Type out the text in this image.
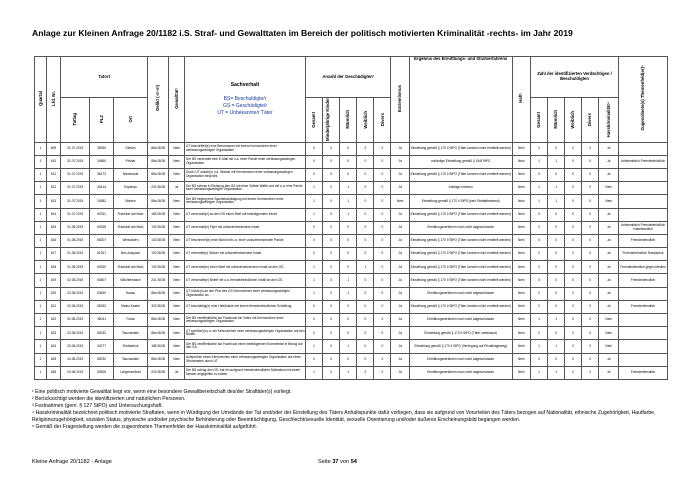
Anlage zur Kleinen Anfrage 20/1182 i.S. Straf- und Gewalttaten im Bereich der politisch motivierten Kriminalität -rechts- im Jahr 2019
Quartal	Lfd. Nr.	Tatort			Delikt (§§)	Gewalttat¹	Sachverhalt

BS= Beschuldigte/r
GS = Geschädigte/r
UT = Unbekannte/r Täter	Anzahl der Geschädigten²					Extremismus	Ergebnis des Ermittlungs- und Strafverfahrens	Haft³	Zahl der identifizierten Verdächtigen / Beschuldigten					Zugeordnete(s) Themenfeld(er)⁵
		Tattag	PLZ	Ort				Gesamt	Minderjährige Kinder	Männlich	Weiblich	Divers				Gesamt	Männlich	Weiblich	Divers	Hasskriminalität⁴	
1	609	31.07.2019	35390	Gießen	86a StGB	Nein	UT beschriftet(e) eine Betonmauer mit einem Kennzeichen einer verfassungswidrigen Organisation.	0	0	0	0	0	Ja	Einstellung gemäß § 170 II StPO (Täter konnten nicht ermittelt werden)	Nein	0	0	0	0	Ja	
1	610	31.07.2019	34560	Fritzlar	86a StGB	Nein	Der BS versendet eine E-Mail mit u.a. einer Parole einer verfassungswidrigen Organisation.	0	0	0	0	0	Ja	vorläufige Einstellung gemäß § 154f StPO	Nein	1	1	0	0	Ja	Antisemitisch Fremdenfeindlich
1	611	31.07.2019	36272	Niederaula	86a StGB	Nein	Durch UT wurde(n) u.a. Wände mit Kennzeichen einer verfassungswidrigen Organisation besprüht.	0	0	0	0	0	Ja	Einstellung gemäß § 170 II StPO (Täter konnten nicht ermittelt werden)	Nein	0	0	0	0	Ja	
1	612	31.07.2019	34414	Espenau	224 StGB	Ja	Der BS schoss in Richtung des GS mit einer Softair-Waffe und rief u.a. eine Parole einer verfassungswidrigen Organisation.	1	0	1	0	0	Ja	Anklage erhoben	Nein	1	1	0	0	Nein	
1	613	31.07.2019	34582	Borken	86a StGB	Nein	Der BS beging eine Sachbeschädigung mit einem Kennzeichen einer verfassungswidrigen Organisation.	1	0	1	0	0	Nein	Einstellung gemäß § 170 II StPO (kein Straftatbestand)	Nein	1	1	0	0	Nein	
1	614	31.07.2019	60311	Frankfurt am Main	185 StGB	Nein	UT versendet(e) an den GS einen Brief mit beleidigendem Inhalt.	1	0	1	0	0	Ja	Einstellung gemäß § 170 II StPO (Täter konnten nicht ermittelt werden)	Nein	0	0	0	0	Ja	
1	615	01.08.2019	60325	Frankfurt am Main	130 StGB	Nein	UT versendet(e) Flyer mit volksverhetzendem Inhalt.	0	0	0	0	0	Ja	Ermittlungsverfahren noch nicht abgeschlossen	Nein	0	0	0	0	Ja	Antisemitisch Fremdenfeindlich Islamfeindlich
1	616	01.08.2019	65207	Wiesbaden	130 StGB	Nein	UT beschmiert(e) eine Wand mit u.a. einer volksverhetzenden Parole.	0	0	0	0	0	Ja	Einstellung gemäß § 170 II StPO (Täter konnten nicht ermittelt werden)	Nein	0	0	0	0	Ja	Fremdenfeindlich
1	617	01.08.2019	61267	Neu-Anspach	130 StGB	Nein	UT verbreitet(e) Sticker mit volksverhetzendem Inhalt.	0	0	0	0	0	Ja	Einstellung gemäß § 170 II StPO (Täter konnten nicht ermittelt werden)	Nein	0	0	0	0	Ja	Fremdenfeindlich Rassismus
1	618	01.08.2019	60320	Frankfurt am Main	130 StGB	Nein	UT versende(te) einen Brief mit volksverhetzendem Inhalt an den GS.	1	0	0	1	0	Ja	Einstellung gemäß § 170 II StPO (Täter konnten nicht ermittelt werden)	Nein	0	0	0	0	Ja	Fremdenfeindlich gegen Medien
1	619	02.08.2019	63607	Wächtersbach	241 StGB	Nein	UT versendet(e) Briefe mit u.a. fremdenfeindlichen Inhalt an den GS.	1	0	1	0	0	Ja	Einstellung gemäß § 170 II StPO (Täter konnten nicht ermittelt werden)	Nein	0	0	0	0	Ja	Fremdenfeindlich
1	620	02.08.2019	63450	Hanau	86a StGB	Nein	UT rückte(n) an den Pkw des GS Kennzeichen einer verfassungswidrigen Organisation an.	1	0	1	0	0	Ja	Ermittlungsverfahren noch nicht abgeschlossen	Nein	0	0	0	0	Ja	
1	621	02.08.2019	55252	Mainz-Kastel	303 StGB	Nein	UT beschädigt(e) eine Litfaßsäule mit einem fremdenfeindlichen Schriftzug.	0	0	0	0	0	Ja	Einstellung gemäß § 170 II StPO (Täter konnten nicht ermittelt werden)	Nein	0	0	0	0	Ja	Fremdenfeindlich
1	622	02.08.2019	36041	Fulda	86a StGB	Nein	Der BS veröffentlichte auf Facebook ein Video mit Kennzeichen einer verfassungswidrigen Organisation.	0	0	0	0	0	Ja	Ermittlungsverfahren noch nicht abgeschlossen	Nein	1	1	0	0	Nein	
1	623	02.08.2019	65232	Taunusstein	86a StGB	Nein	UT sprühte(n) u.a. ein Kennzeichen einer verfassungswidrigen Organisation auf den Boden.	0	0	0	0	0	Ja	Einstellung gemäß § 170 II StPO (Täter unbekannt)	Nein	0	0	0	0	Nein	
1	624	03.08.2019	34277	Fuldabrück	185 StGB	Nein	Der BS veröffentlichte auf Facebook einen beleidigenden Kommentar in Bezug auf den GS.	1	0	1	0	0	Ja	Einstellung gemäß § 170 II StPO (Verfolgung auf Privatklageweg)	Nein	1	1	0	0	Nein	
1	625	04.08.2019	65232	Taunusstein	86a StGB	Nein	Aufsprühen eines Kennzeichen einer verfassungswidrigen Organisation auf einen Stromkasten durch UT.	0	0	0	0	0	Ja	Ermittlungsverfahren noch nicht abgeschlossen	Nein	0	0	0	0	Ja	
1	626	04.08.2019	63505	Langenselbold	224 StGB	Ja	Der BS schlug den GS, trat ihn aufgrund fremdenfeindlicher Motivation mit einem Messer angegriffen zu haben.	1	0	1	0	0	Ja	Ermittlungsverfahren noch nicht abgeschlossen	Nein	1	1	0	0	Ja	Fremdenfeindlich
¹ Eine politisch motivierte Gewalttat liegt vor, wenn eine besondere Gewaltbereitschaft des/der Straftäter(s) vorliegt.
² Berücksichtigt werden die identifizierten und natürlichen Personen.
³ Festnahmen (gem. § 127 StPO) und Untersuchungshaft.
⁴ Hasskriminalität bezeichnet politisch motivierte Straftaten, wenn in Würdigung der Umstände der Tat und/oder der Einstellung des Täters Anhaltspunkte dafür vorliegen, dass sie aufgrund von Vorurteilen des Täters bezogen auf Nationalität, ethnische Zugehörigkeit, Hautfarbe, Religionszugehörigkeit, sozialen Status, physische und/oder psychische Behinderung oder Beeinträchtigung, Geschlecht/sexuelle Identität, sexuelle Orientierung und/oder äußeres Erscheinungsbild begangen werden.
⁵ Gemäß der Fragestellung werden die zugeordneten Themenfelder der Hasskriminalität aufgeführt.
Kleine Anfrage 20/1182 - Anlage	Seite 37 von 54
